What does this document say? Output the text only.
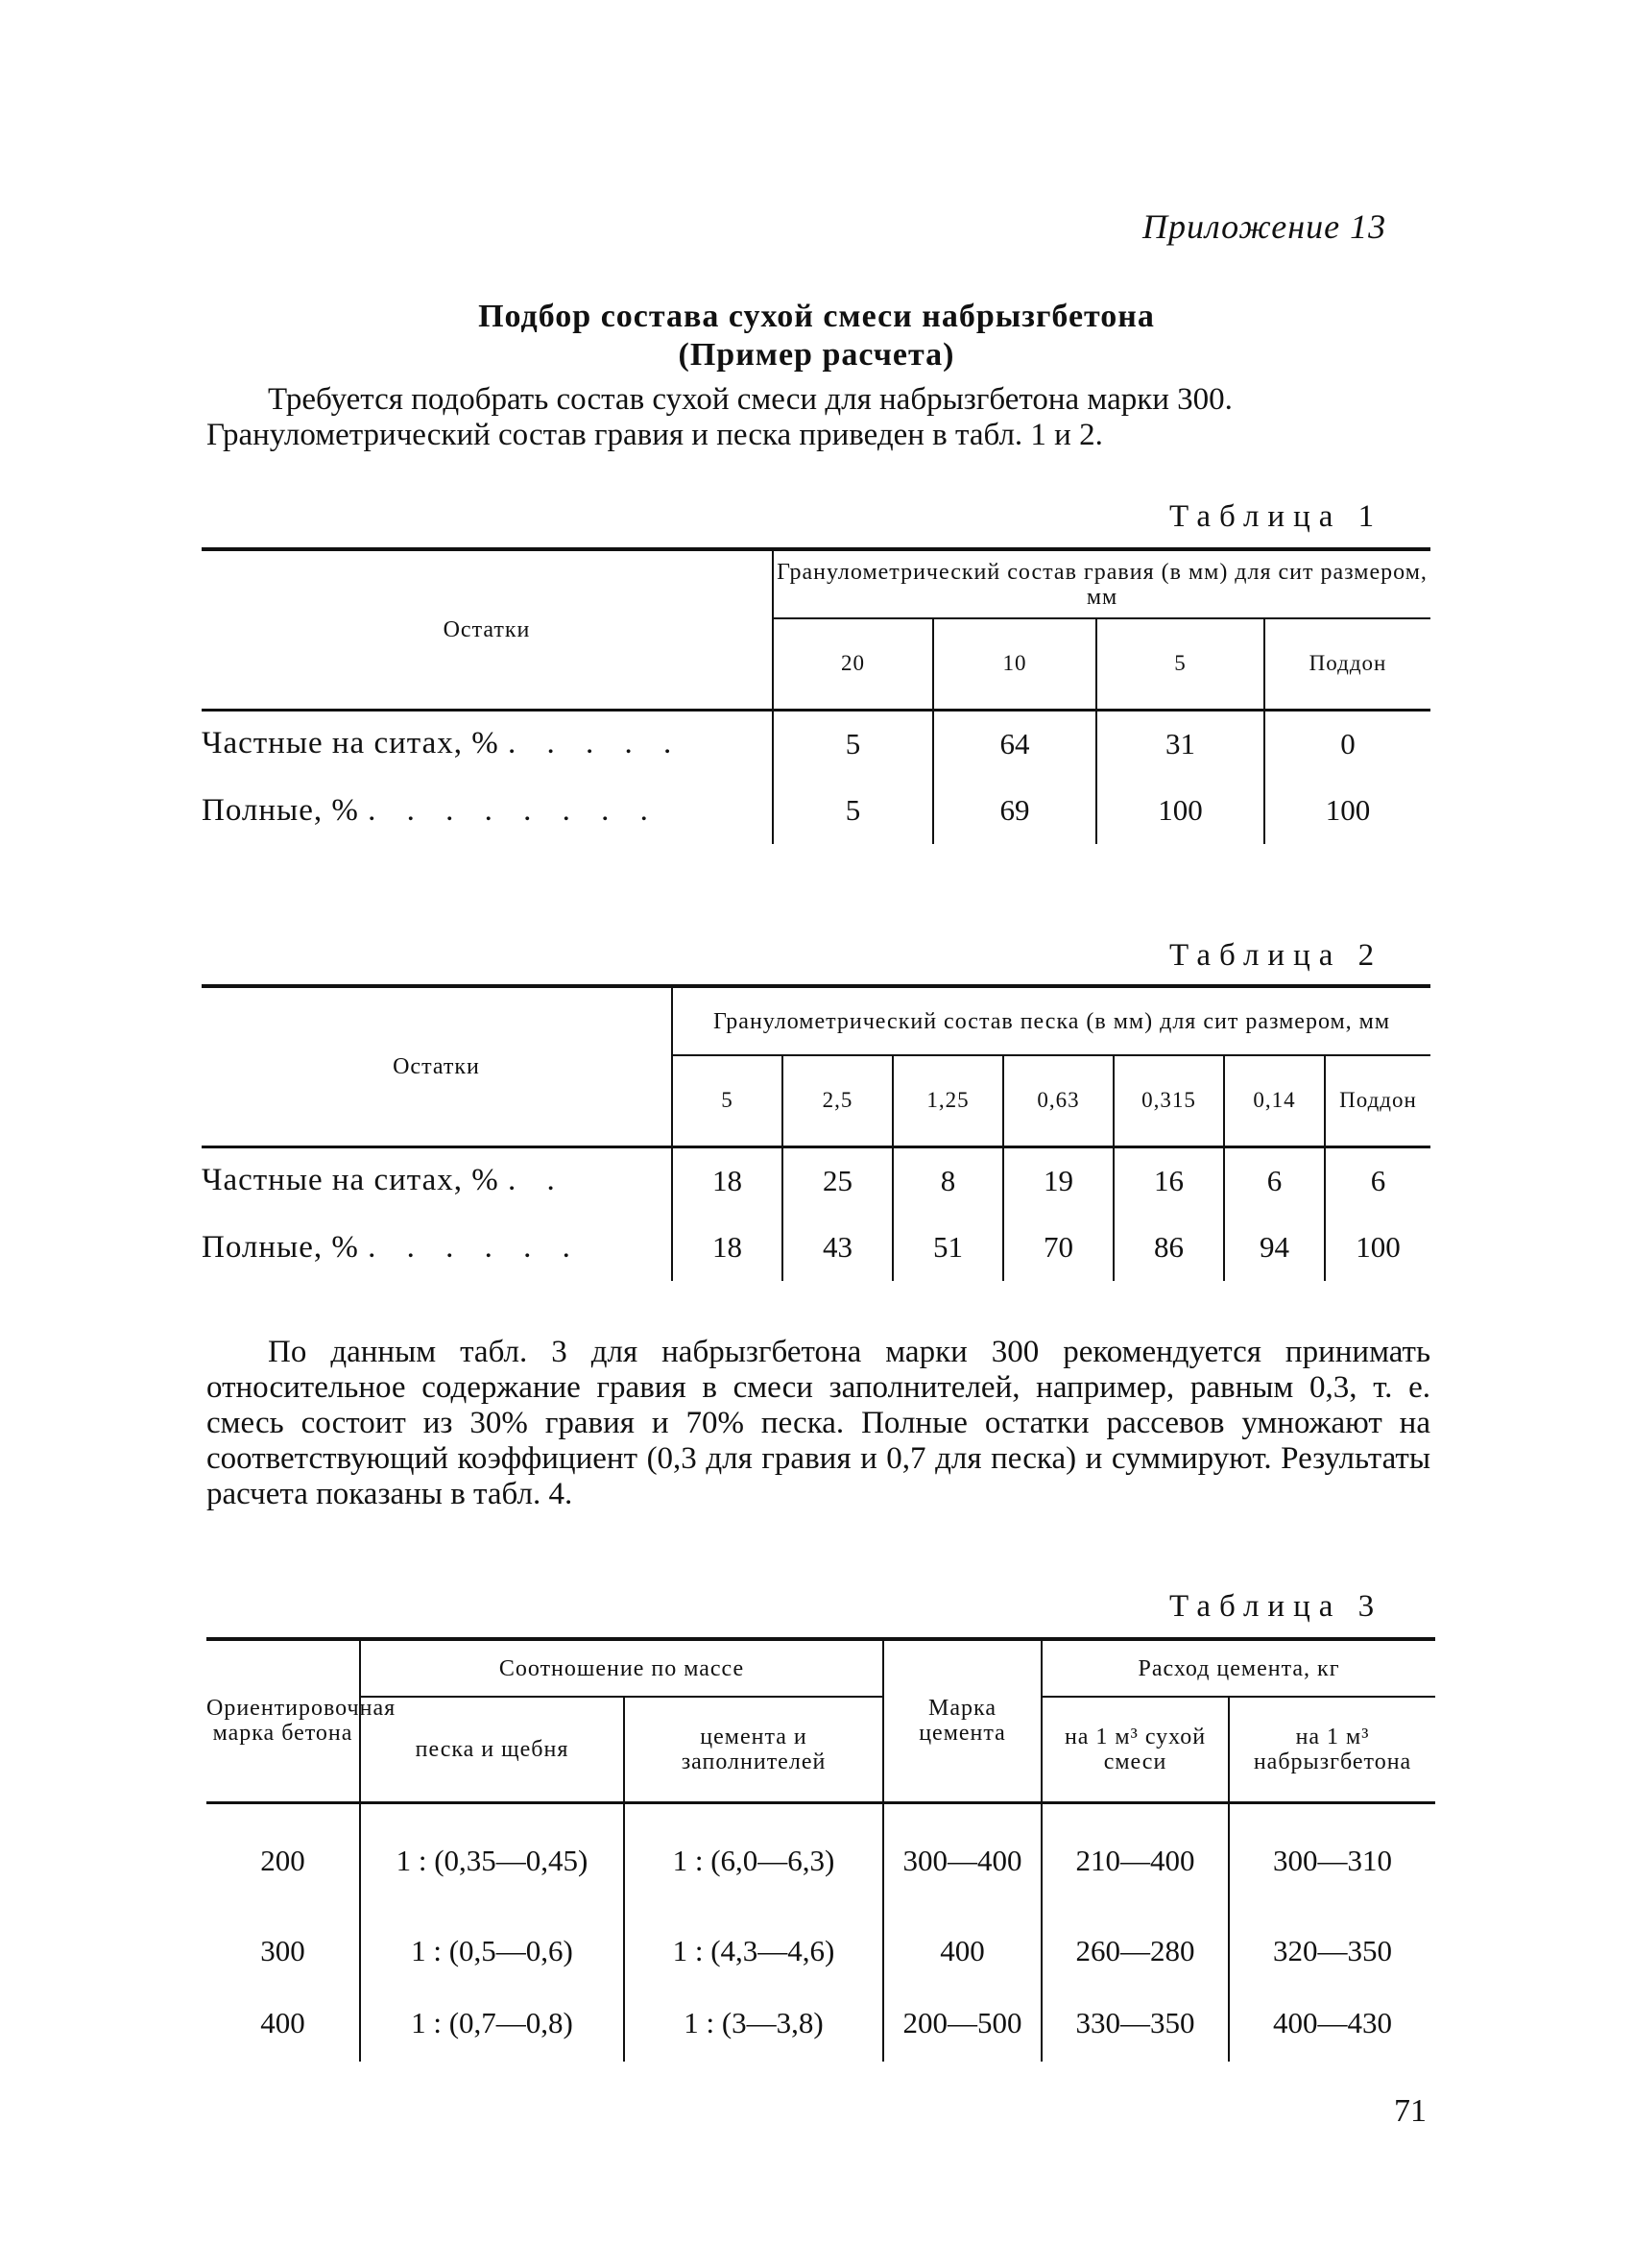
Приложение 13
Подбор состава сухой смеси набрызгбетона
(Пример расчета)
Требуется подобрать состав сухой смеси для набрызгбетона марки 300.
Гранулометрический состав гравия и песка приведен в табл. 1 и 2.
Таблица 1
Остатки	Гранулометрический состав гравия (в мм) для сит размером, мм			
	20	10	5	Поддон
Частные на ситах, % . . . . .	5	64	31	0
Полные, % . . . . . . . .	5	69	100	100
Таблица 2
Остатки	Гранулометрический состав песка (в мм) для сит размером, мм						
	5	2,5	1,25	0,63	0,315	0,14	Поддон
Частные на ситах, % . .	18	25	8	19	16	6	6
Полные, % . . . . . .	18	43	51	70	86	94	100
По данным табл. 3 для набрызгбетона марки 300 рекомендуется принимать относительное содержание гравия в смеси заполнителей, например, равным 0,3, т. е. смесь состоит из 30% гравия и 70% песка. Полные остатки рассевов умножают на соответствующий коэффициент (0,3 для гравия и 0,7 для песка) и суммируют. Результаты расчета показаны в табл. 4.
Таблица 3
Ориентировочная марка бетона	Соотношение по массе		Марка цемента	Расход цемента, кг	
	песка и щебня	цемента и заполнителей		на 1 м³ сухой смеси	на 1 м³ набрызгбетона
200	1 : (0,35—0,45)	1 : (6,0—6,3)	300—400	210—400	300—310
300	1 : (0,5—0,6)	1 : (4,3—4,6)	400	260—280	320—350
400	1 : (0,7—0,8)	1 : (3—3,8)	200—500	330—350	400—430
71
